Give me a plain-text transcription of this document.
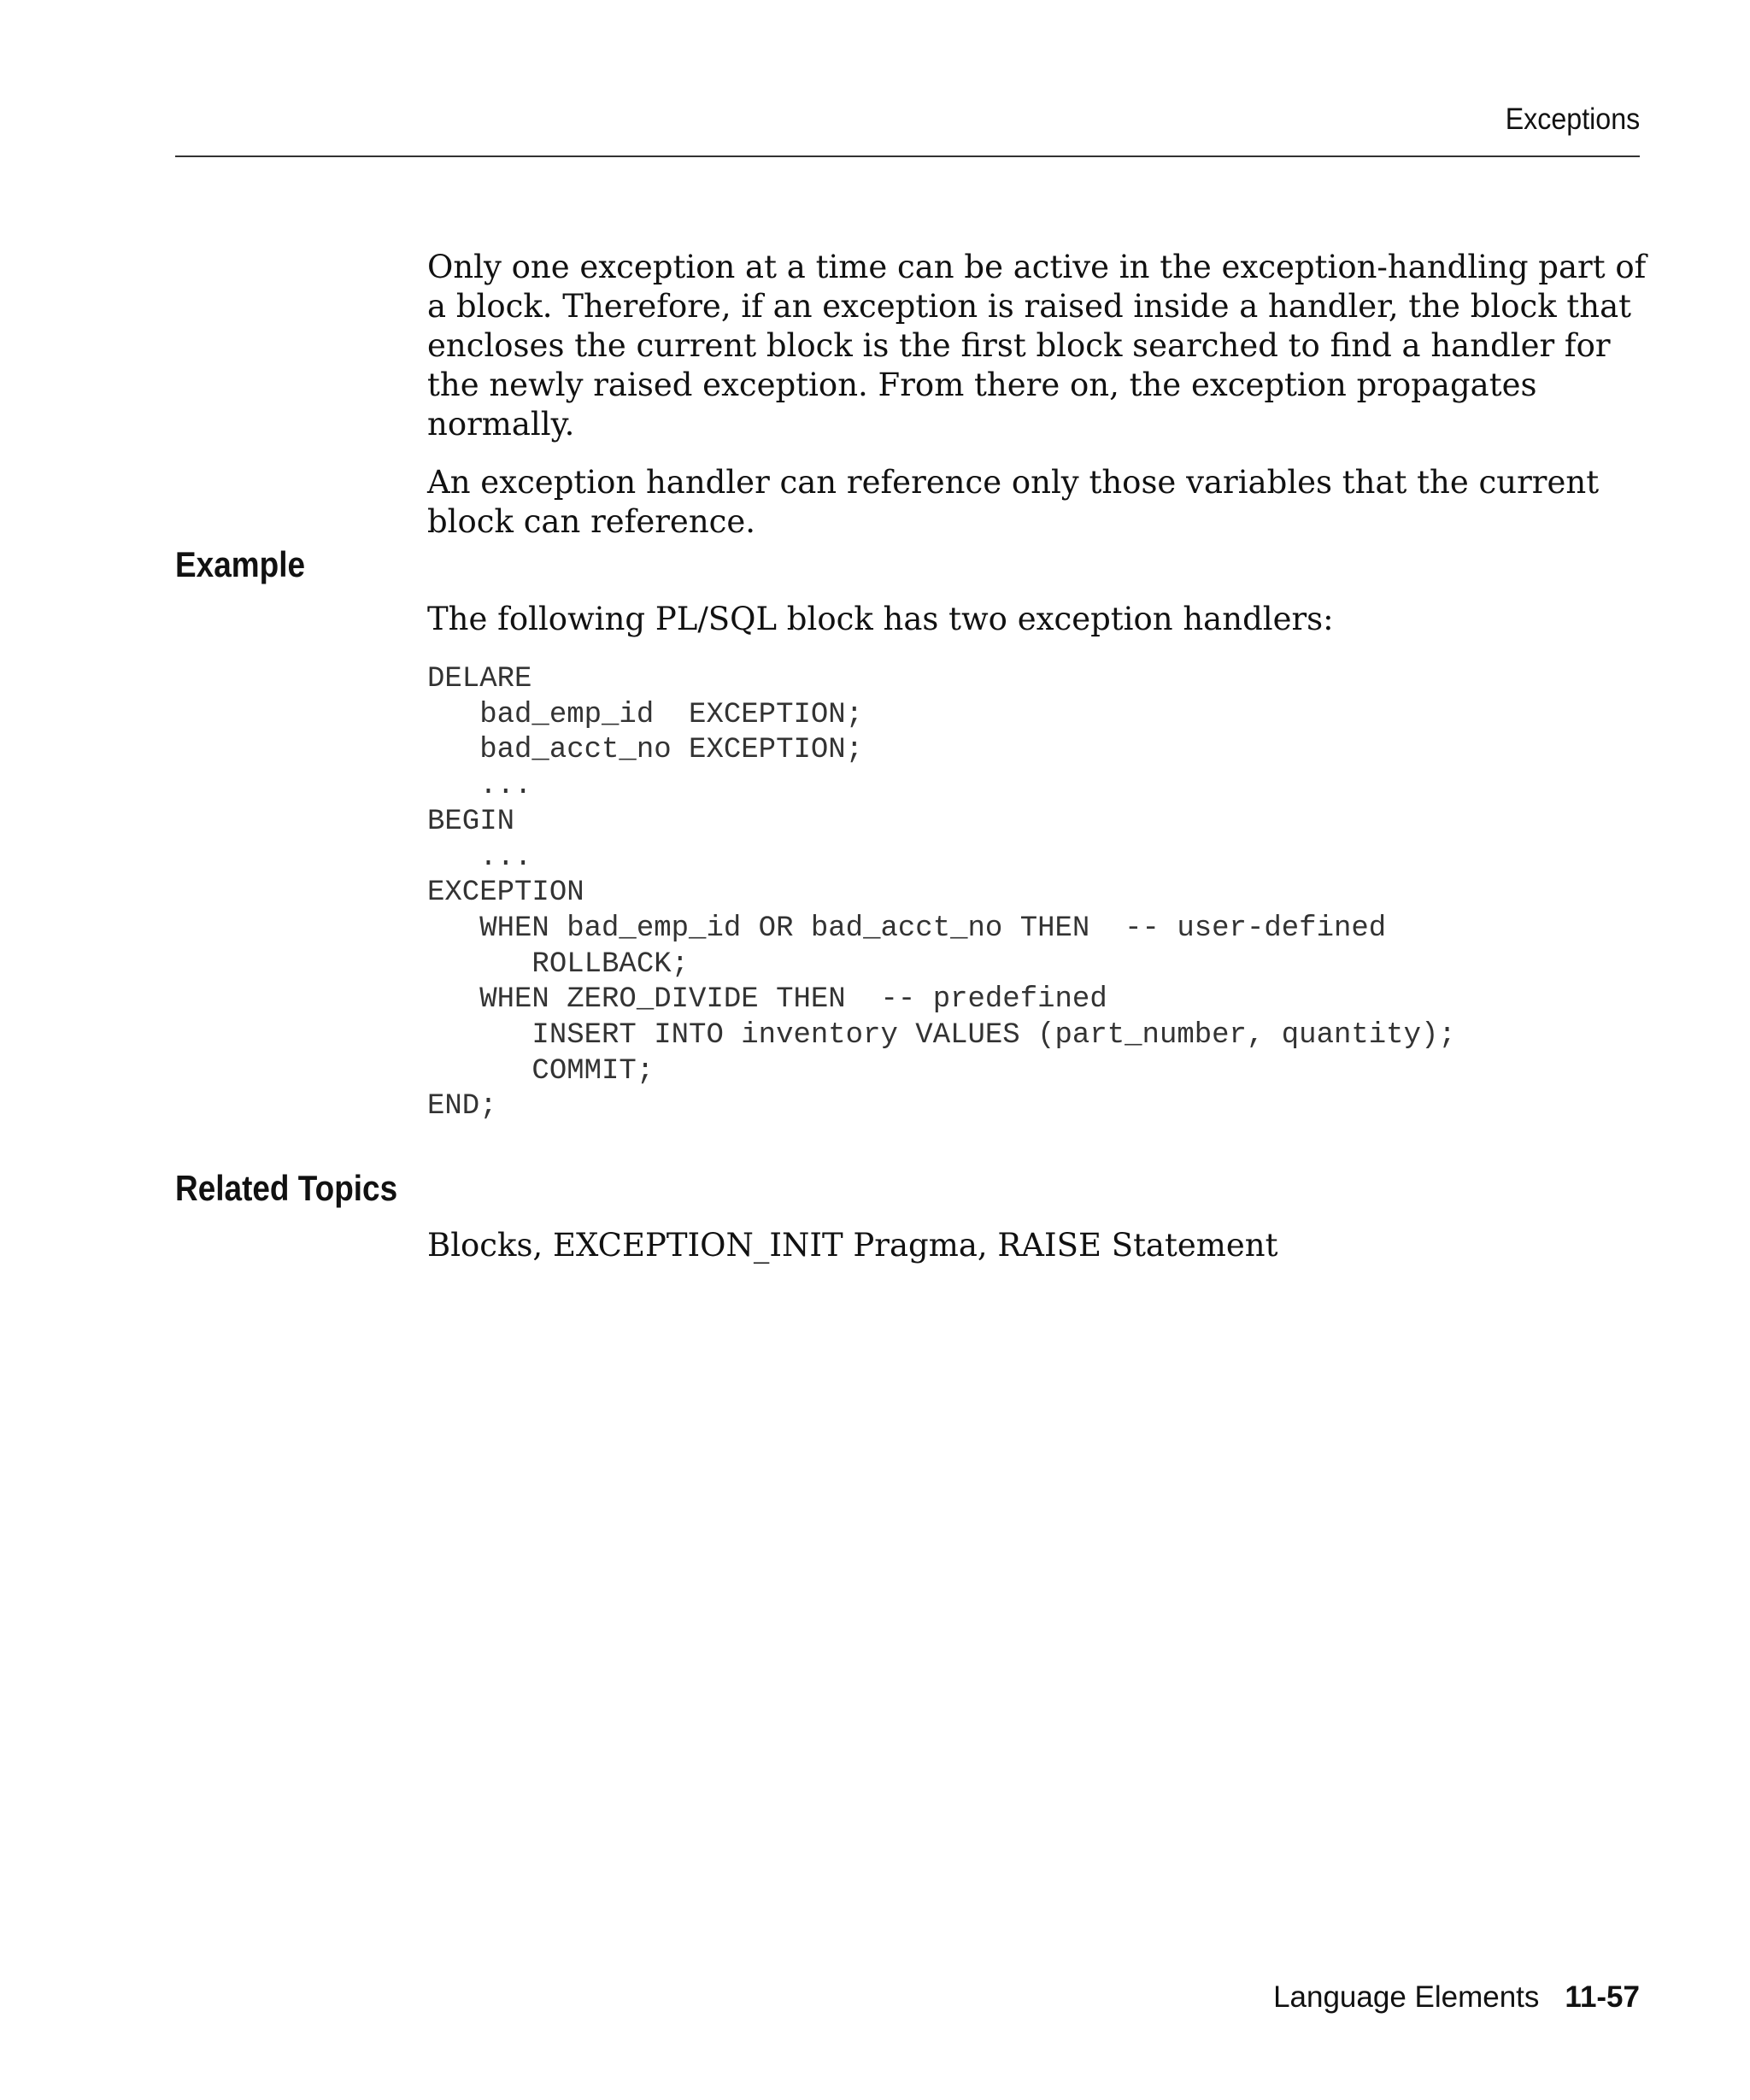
Exceptions

Only one exception at a time can be active in the exception-handling part of a block. Therefore, if an exception is raised inside a handler, the block that encloses the current block is the first block searched to find a handler for the newly raised exception. From there on, the exception propagates normally.

An exception handler can reference only those variables that the current block can reference.

Example
The following PL/SQL block has two exception handlers:
DELARE
bad_emp_id  EXCEPTION;
bad_acct_no EXCEPTION;
...
BEGIN
...
EXCEPTION
WHEN bad_emp_id OR bad_acct_no THEN  -- user-defined
ROLLBACK;
WHEN ZERO_DIVIDE THEN  -- predefined
INSERT INTO inventory VALUES (part_number, quantity);
COMMIT;
END;
Related Topics
Blocks, EXCEPTION_INIT Pragma, RAISE Statement
Language Elements 11-57
